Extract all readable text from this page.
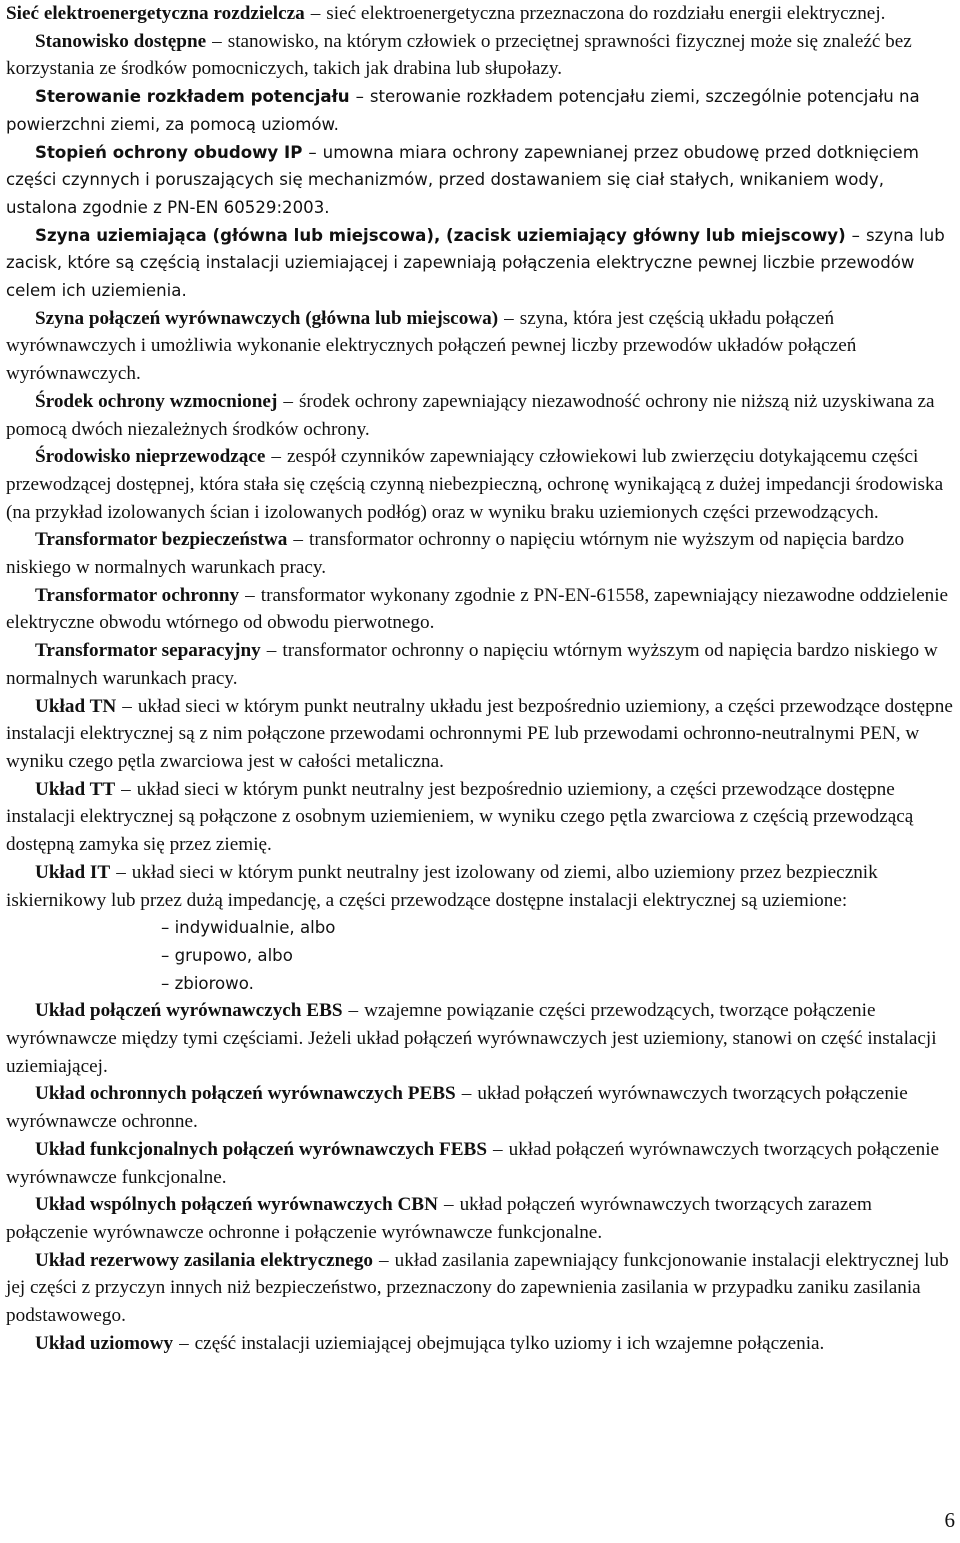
Sieć elektroenergetyczna rozdzielcza – sieć elektroenergetyczna przeznaczona do rozdziału energii elektrycznej.

Stanowisko dostępne – stanowisko, na którym człowiek o przeciętnej sprawności fizycznej może się znaleźć bez korzystania ze środków pomocniczych, takich jak drabina lub słupołazy.

Sterowanie rozkładem potencjału – sterowanie rozkładem potencjału ziemi, szczególnie potencjału na powierzchni ziemi, za pomocą uziomów.

Stopień ochrony obudowy IP – umowna miara ochrony zapewnianej przez obudowę przed dotknięciem części czynnych i poruszających się mechanizmów, przed dostawaniem się ciał stałych, wnikaniem wody, ustalona zgodnie z PN-EN 60529:2003.

Szyna uziemiająca (główna lub miejscowa), (zacisk uziemiający główny lub miejscowy) – szyna lub zacisk, które są częścią instalacji uziemiającej i zapewniają połączenia elektryczne pewnej liczbie przewodów celem ich uziemienia.

Szyna połączeń wyrównawczych (główna lub miejscowa) – szyna, która jest częścią układu połączeń wyrównawczych i umożliwia wykonanie elektrycznych połączeń pewnej liczby przewodów układów połączeń wyrównawczych.

Środek ochrony wzmocnionej – środek ochrony zapewniający niezawodność ochrony nie niższą niż uzyskiwana za pomocą dwóch niezależnych środków ochrony.

Środowisko nieprzewodzące – zespół czynników zapewniający człowiekowi lub zwierzęciu dotykającemu części przewodzącej dostępnej, która stała się częścią czynną niebezpieczną, ochronę wynikającą z dużej impedancji środowiska (na przykład izolowanych ścian i izolowanych podłóg) oraz w wyniku braku uziemionych części przewodzących.

Transformator bezpieczeństwa – transformator ochronny o napięciu wtórnym nie wyższym od napięcia bardzo niskiego w normalnych warunkach pracy.

Transformator ochronny – transformator wykonany zgodnie z PN-EN-61558, zapewniający niezawodne oddzielenie elektryczne obwodu wtórnego od obwodu pierwotnego.

Transformator separacyjny – transformator ochronny o napięciu wtórnym wyższym od napięcia bardzo niskiego w normalnych warunkach pracy.

Układ TN – układ sieci w którym punkt neutralny układu jest bezpośrednio uziemiony, a części przewodzące dostępne instalacji elektrycznej są z nim połączone przewodami ochronnymi PE lub przewodami ochronno-neutralnymi PEN, w wyniku czego pętla zwarciowa jest w całości metaliczna.

Układ TT – układ sieci w którym punkt neutralny jest bezpośrednio uziemiony, a części przewodzące dostępne instalacji elektrycznej są połączone z osobnym uziemieniem, w wyniku czego pętla zwarciowa z częścią przewodzącą dostępną zamyka się przez ziemię.

Układ IT – układ sieci w którym punkt neutralny jest izolowany od ziemi, albo uziemiony przez bezpiecznik iskiernikowy lub przez dużą impedancję, a części przewodzące dostępne instalacji elektrycznej są uziemione:

– indywidualnie, albo
– grupowo, albo
– zbiorowo.

Układ połączeń wyrównawczych EBS – wzajemne powiązanie części przewodzących, tworzące połączenie wyrównawcze między tymi częściami. Jeżeli układ połączeń wyrównawczych jest uziemiony, stanowi on część instalacji uziemiającej.

Układ ochronnych połączeń wyrównawczych PEBS – układ połączeń wyrównawczych tworzących połączenie wyrównawcze ochronne.

Układ funkcjonalnych połączeń wyrównawczych FEBS – układ połączeń wyrównawczych tworzących połączenie wyrównawcze funkcjonalne.

Układ wspólnych połączeń wyrównawczych CBN – układ połączeń wyrównawczych tworzących zarazem połączenie wyrównawcze ochronne i połączenie wyrównawcze funkcjonalne.

Układ rezerwowy zasilania elektrycznego – układ zasilania zapewniający funkcjonowanie instalacji elektrycznej lub jej części z przyczyn innych niż bezpieczeństwo, przeznaczony do zapewnienia zasilania w przypadku zaniku zasilania podstawowego.

Układ uziomowy – część instalacji uziemiającej obejmująca tylko uziomy i ich wzajemne połączenia.

6
